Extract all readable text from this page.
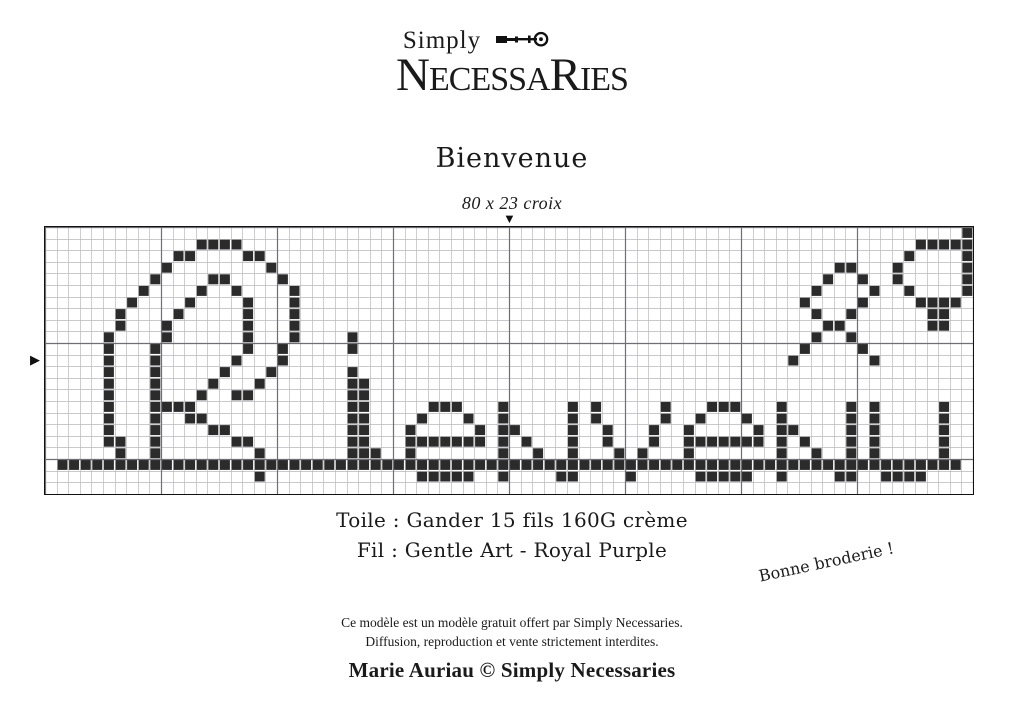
Simply
NECESSARIES
Bienvenue
80 x 23 croix
▼
▶
Toile : Gander 15 fils 160G crème
Fil : Gentle Art - Royal Purple	Bonne broderie !
Ce modèle est un modèle gratuit offert par Simply Necessaries.
Diffusion, reproduction et vente strictement interdites.
Marie Auriau © Simply Necessaries
